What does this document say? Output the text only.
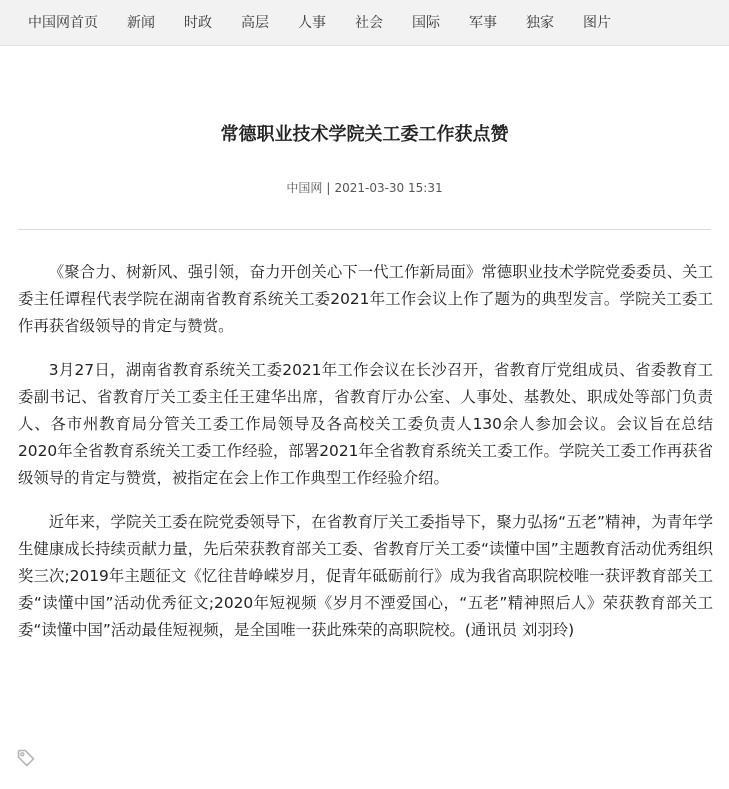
中国网首页 新闻 时政 高层 人事 社会 国际 军事 独家 图片
常德职业技术学院关工委工作获点赞
中国网 | 2021-03-30 15:31

《聚合力、树新风、强引领，奋力开创关心下一代工作新局面》常德职业技术学院党委委员、关工委主任谭程代表学院在湖南省教育系统关工委2021年工作会议上作了题为的典型发言。学院关工委工作再获省级领导的肯定与赞赏。

3月27日，湖南省教育系统关工委2021年工作会议在长沙召开，省教育厅党组成员、省委教育工委副书记、省教育厅关工委主任王建华出席，省教育厅办公室、人事处、基教处、职成处等部门负责人、各市州教育局分管关工委工作局领导及各高校关工委负责人130余人参加会议。会议旨在总结2020年全省教育系统关工委工作经验，部署2021年全省教育系统关工委工作。学院关工委工作再获省级领导的肯定与赞赏，被指定在会上作工作典型工作经验介绍。

近年来，学院关工委在院党委领导下，在省教育厅关工委指导下，聚力弘扬“五老”精神，为青年学生健康成长持续贡献力量，先后荣获教育部关工委、省教育厅关工委“读懂中国”主题教育活动优秀组织奖三次;2019年主题征文《忆往昔峥嵘岁月，促青年砥砺前行》成为我省高职院校唯一获评教育部关工委“读懂中国”活动优秀征文;2020年短视频《岁月不湮爱国心，“五老”精神照后人》荣获教育部关工委“读懂中国”活动最佳短视频，是全国唯一获此殊荣的高职院校。(通讯员 刘羽玲)
